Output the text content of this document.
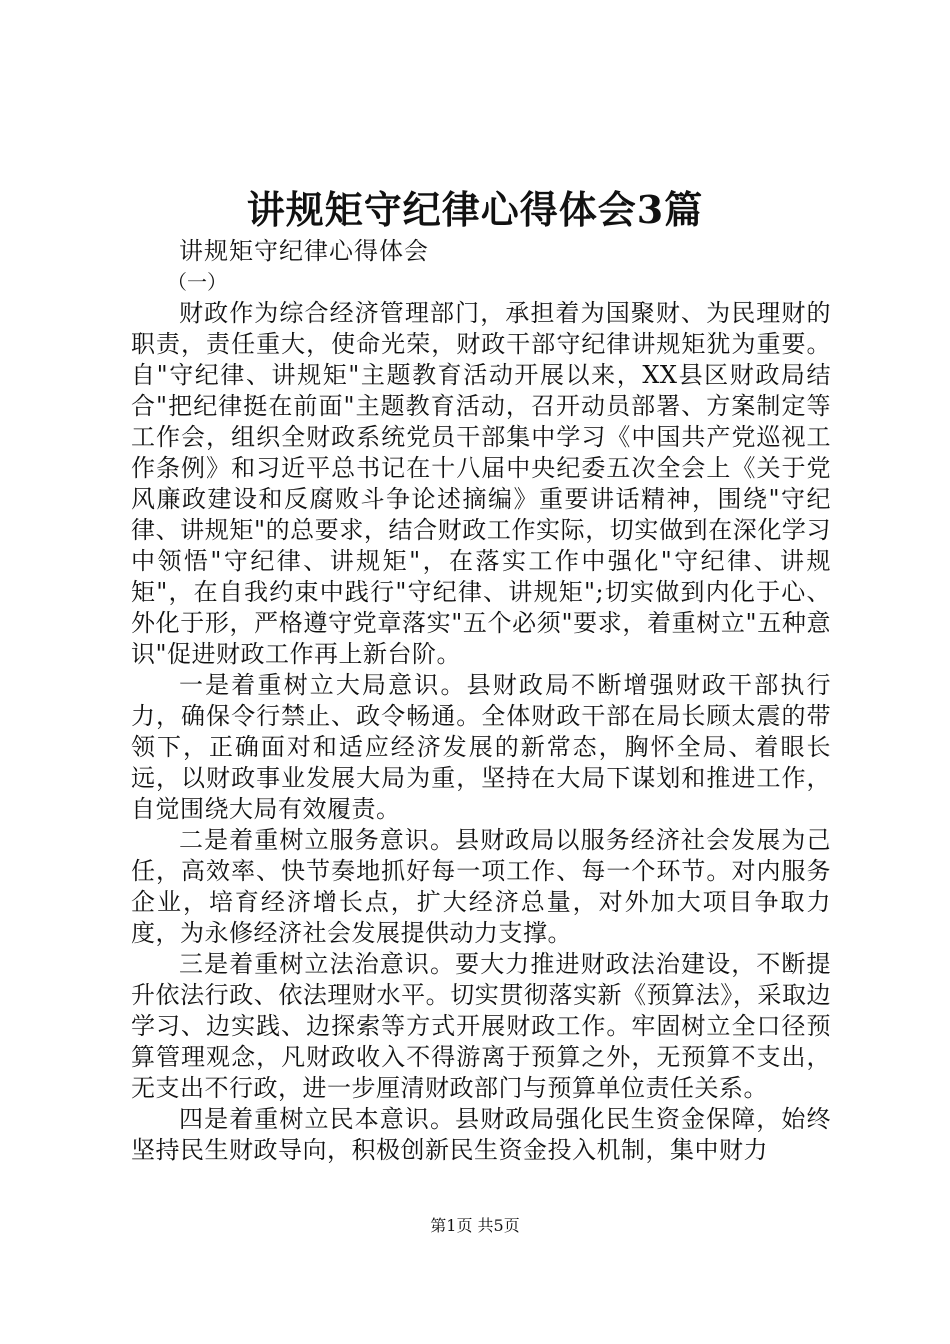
讲规矩守纪律心得体会3篇

讲规矩守纪律心得体会

（一）

财政作为综合经济管理部门，承担着为国聚财、为民理财的职责，责任重大，使命光荣，财政干部守纪律讲规矩犹为重要。自"守纪律、讲规矩"主题教育活动开展以来，XX县区财政局结合"把纪律挺在前面"主题教育活动，召开动员部署、方案制定等工作会，组织全财政系统党员干部集中学习《中国共产党巡视工作条例》和习近平总书记在十八届中央纪委五次全会上《关于党风廉政建设和反腐败斗争论述摘编》重要讲话精神，围绕"守纪律、讲规矩"的总要求，结合财政工作实际，切实做到在深化学习中领悟"守纪律、讲规矩"，在落实工作中强化"守纪律、讲规矩"，在自我约束中践行"守纪律、讲规矩";切实做到内化于心、外化于形，严格遵守党章落实"五个必须"要求，着重树立"五种意识"促进财政工作再上新台阶。

一是着重树立大局意识。县财政局不断增强财政干部执行力，确保令行禁止、政令畅通。全体财政干部在局长顾太震的带领下，正确面对和适应经济发展的新常态，胸怀全局、着眼长远，以财政事业发展大局为重，坚持在大局下谋划和推进工作，自觉围绕大局有效履责。

二是着重树立服务意识。县财政局以服务经济社会发展为己任，高效率、快节奏地抓好每一项工作、每一个环节。对内服务企业，培育经济增长点，扩大经济总量，对外加大项目争取力度，为永修经济社会发展提供动力支撑。

三是着重树立法治意识。要大力推进财政法治建设，不断提升依法行政、依法理财水平。切实贯彻落实新《预算法》，采取边学习、边实践、边探索等方式开展财政工作。牢固树立全口径预算管理观念，凡财政收入不得游离于预算之外，无预算不支出，无支出不行政，进一步厘清财政部门与预算单位责任关系。

四是着重树立民本意识。县财政局强化民生资金保障，始终坚持民生财政导向，积极创新民生资金投入机制，集中财力

第1页 共5页
